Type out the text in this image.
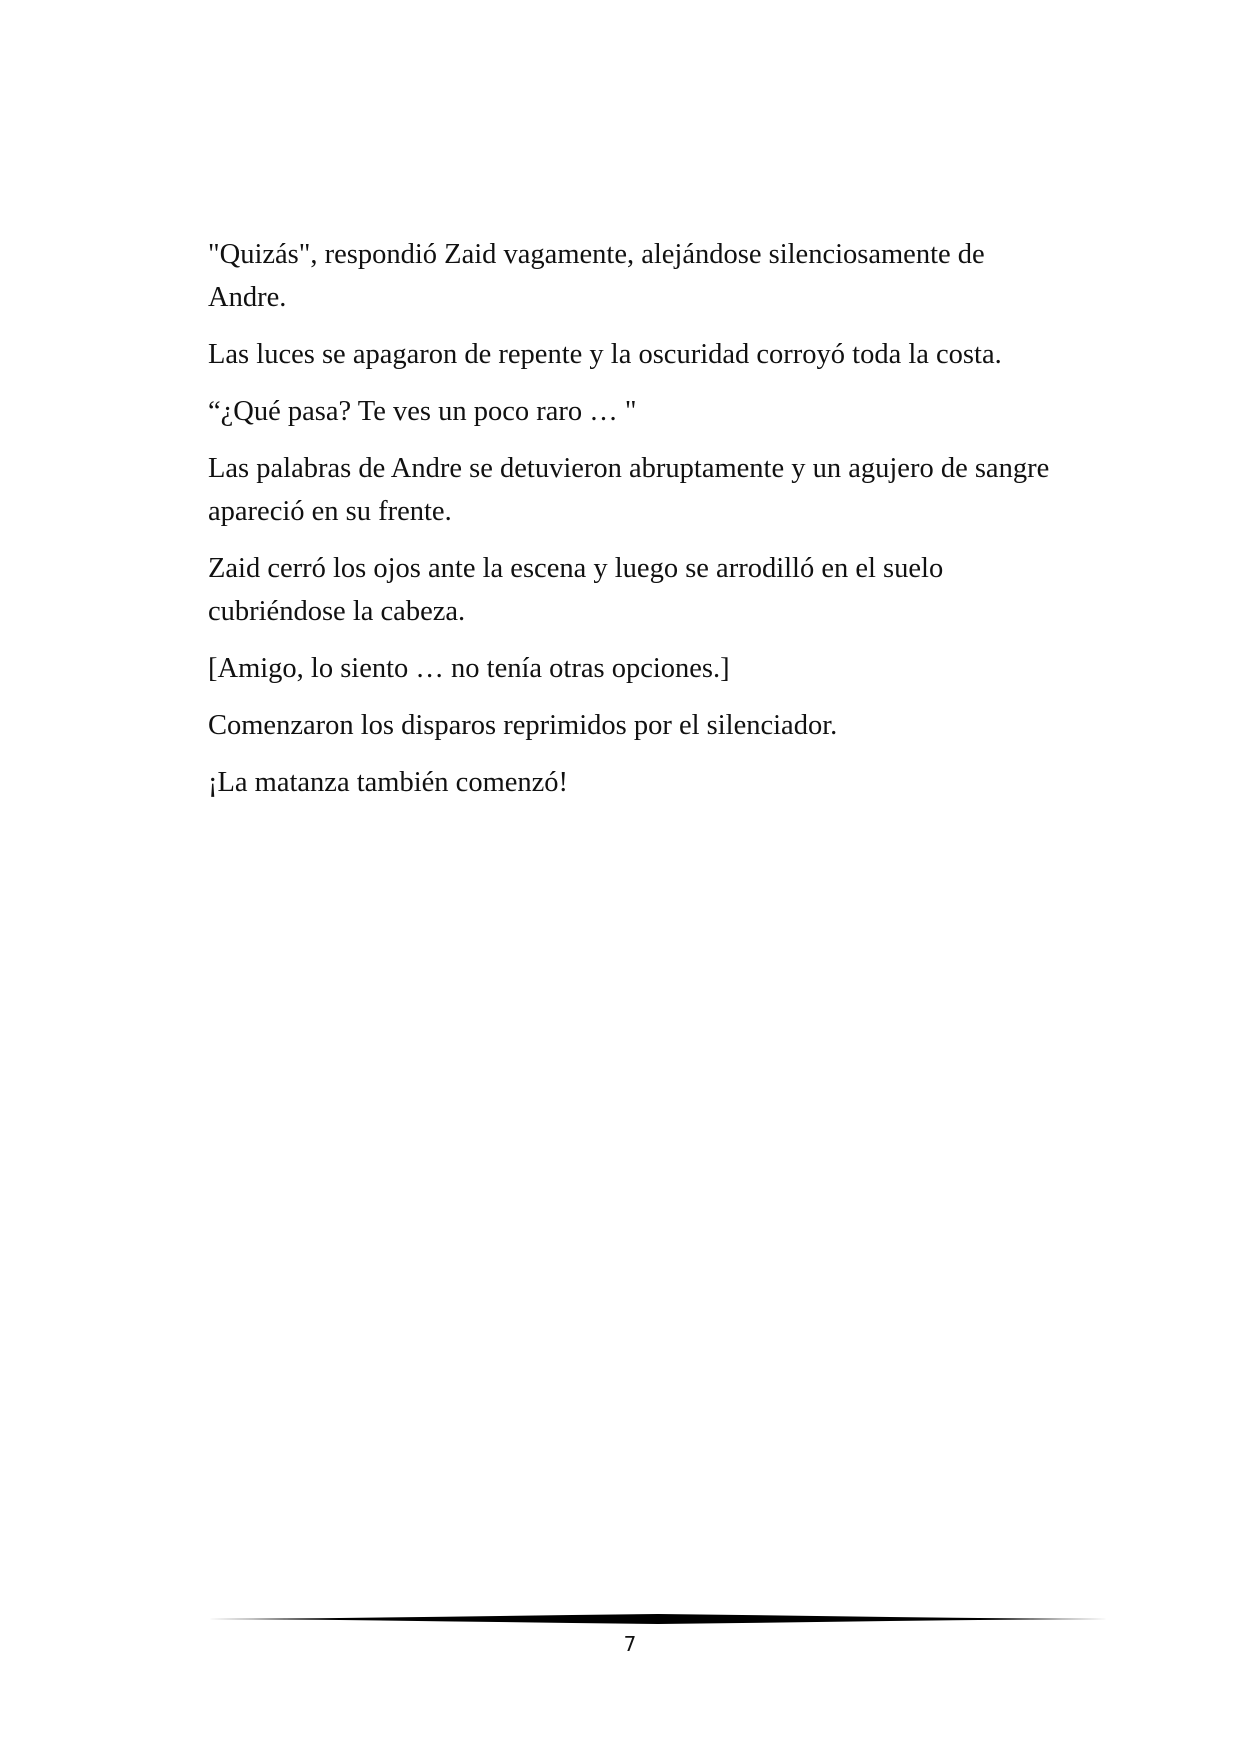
"Quizás", respondió Zaid vagamente, alejándose silenciosamente de Andre.

Las luces se apagaron de repente y la oscuridad corroyó toda la costa.

“¿Qué pasa? Te ves un poco raro … "

Las palabras de Andre se detuvieron abruptamente y un agujero de sangre apareció en su frente.

Zaid cerró los ojos ante la escena y luego se arrodilló en el suelo cubriéndose la cabeza.

[Amigo, lo siento … no tenía otras opciones.]

Comenzaron los disparos reprimidos por el silenciador.

¡La matanza también comenzó!

7
